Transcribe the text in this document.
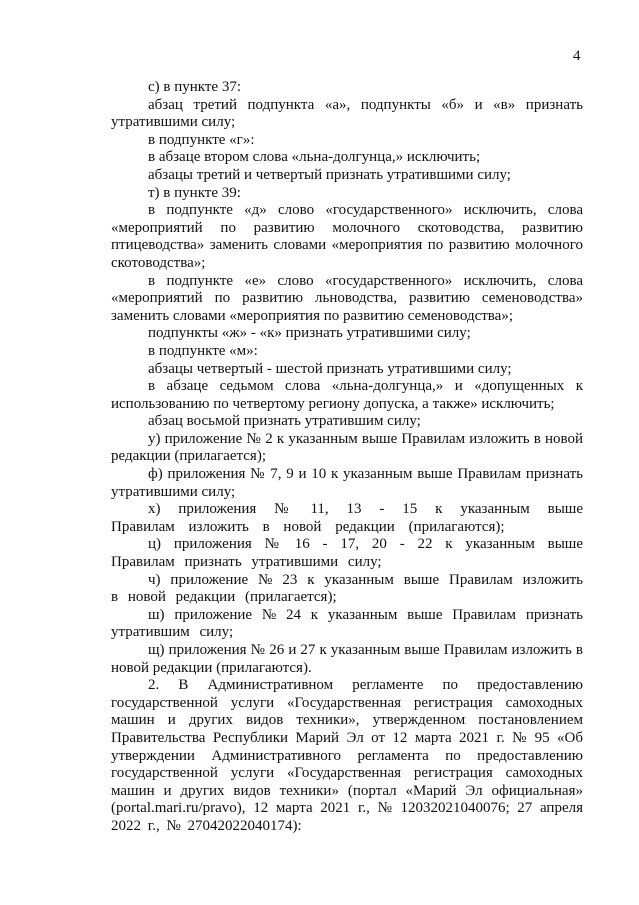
4

с) в пункте 37:

абзац третий подпункта «а», подпункты «б» и «в» признать утратившими силу;

в подпункте «г»:

в абзаце втором слова «льна-долгунца,» исключить;

абзацы третий и четвертый признать утратившими силу;

т) в пункте 39:

в подпункте «д» слово «государственного» исключить, слова «мероприятий по развитию молочного скотоводства, развитию птицеводства» заменить словами «мероприятия по развитию молочного скотоводства»;

в подпункте «е» слово «государственного» исключить, слова «мероприятий по развитию льноводства, развитию семеноводства» заменить словами «мероприятия по развитию семеноводства»;

подпункты «ж» - «к» признать утратившими силу;

в подпункте «м»:

абзацы четвертый - шестой признать утратившими силу;

в абзаце седьмом слова «льна-долгунца,» и «допущенных к использованию по четвертому региону допуска, а также» исключить;

абзац восьмой признать утратившим силу;

у) приложение № 2 к указанным выше Правилам изложить в новой редакции (прилагается);

ф) приложения № 7, 9 и 10 к указанным выше Правилам признать утратившими силу;

х) приложения № 11, 13 - 15 к указанным выше Правилам изложить в новой редакции (прилагаются);

ц) приложения № 16 - 17, 20 - 22 к указанным выше Правилам признать утратившими силу;

ч) приложение № 23 к указанным выше Правилам изложить в новой редакции (прилагается);

ш) приложение № 24 к указанным выше Правилам признать утратившим силу;

щ) приложения № 26 и 27 к указанным выше Правилам изложить в новой редакции (прилагаются).

2. В Административном регламенте по предоставлению государственной услуги «Государственная регистрация самоходных машин и других видов техники», утвержденном постановлением Правительства Республики Марий Эл от 12 марта 2021 г. № 95 «Об утверждении Административного регламента по предоставлению государственной услуги «Государственная регистрация самоходных машин и других видов техники» (портал «Марий Эл официальная» (portal.mari.ru/pravo), 12 марта 2021 г., № 12032021040076; 27 апреля 2022 г., № 27042022040174):
